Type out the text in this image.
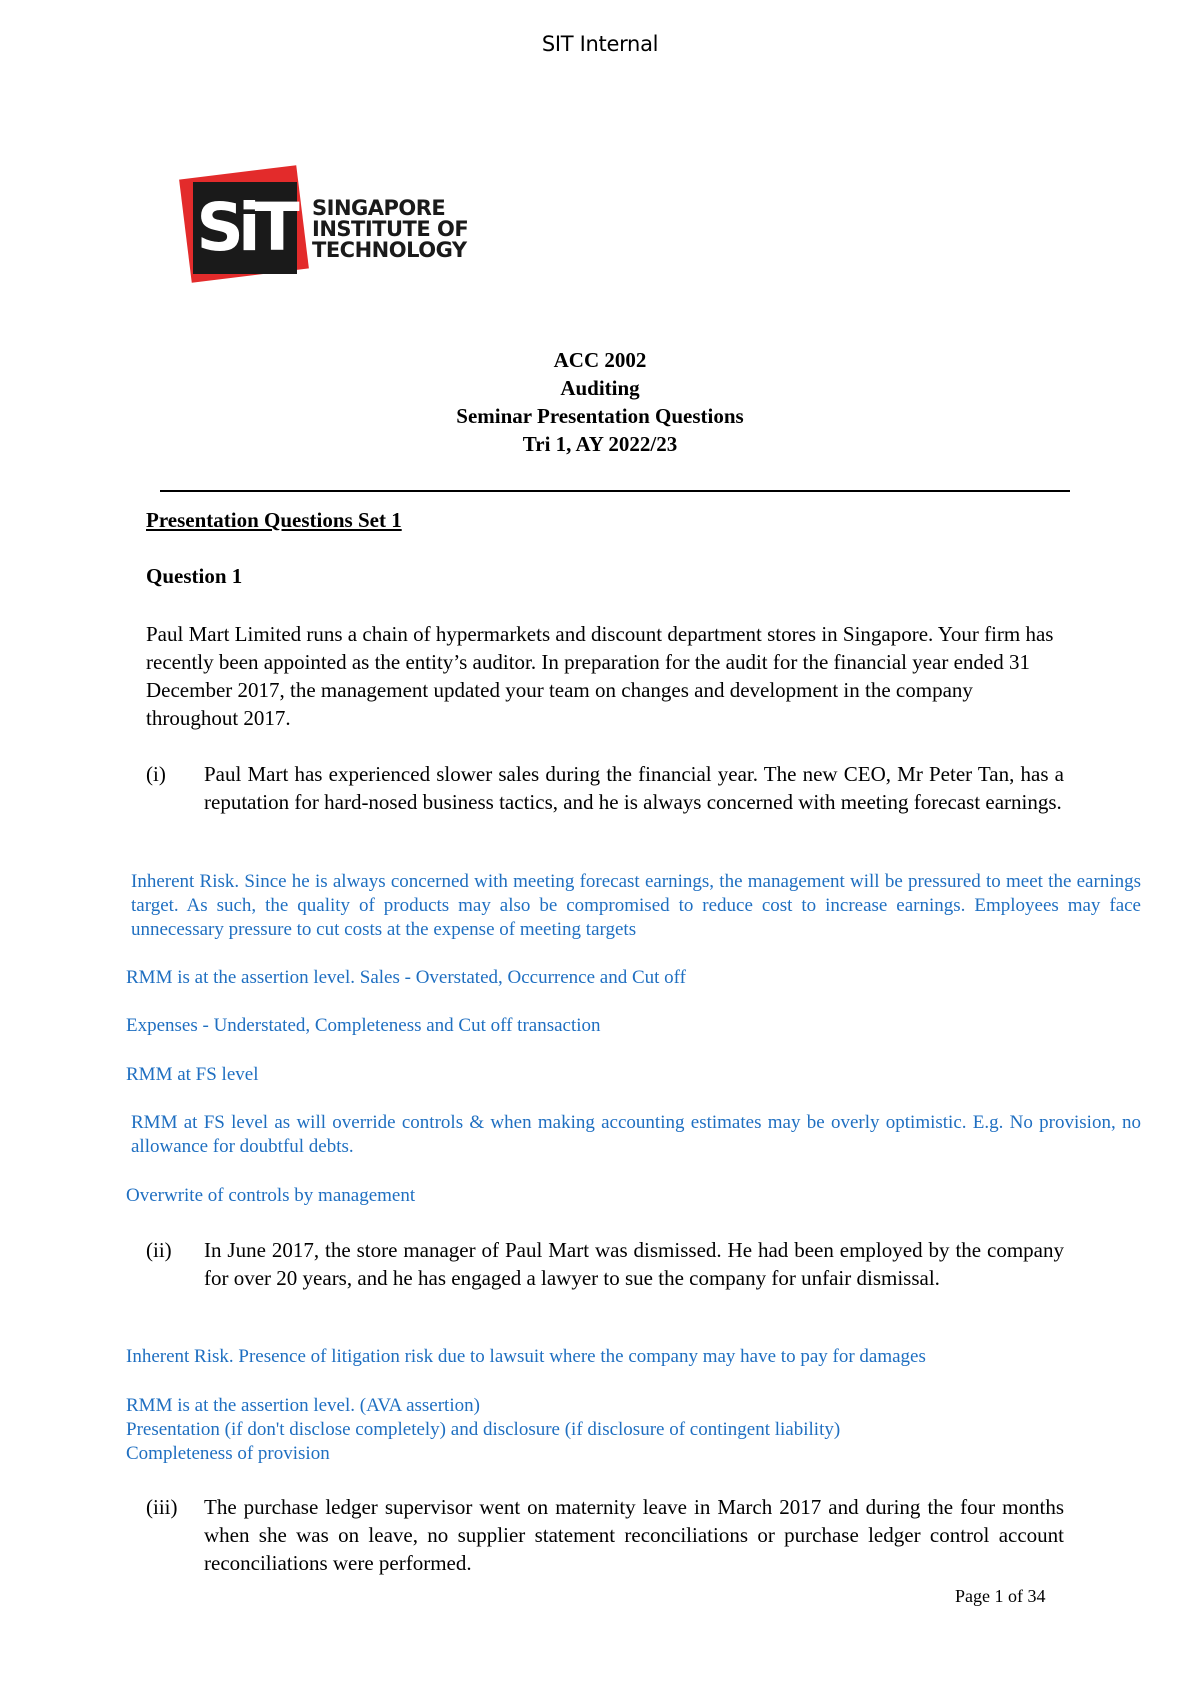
SIT Internal
SiT SINGAPORE
INSTITUTE OF
TECHNOLOGY
ACC 2002
Auditing
Seminar Presentation Questions
Tri 1, AY 2022/23
Presentation Questions Set 1
Question 1
Paul Mart Limited runs a chain of hypermarkets and discount department stores in Singapore. Your firm has recently been appointed as the entity’s auditor. In preparation for the audit for the financial year ended 31 December 2017, the management updated your team on changes and development in the company throughout 2017.
(i) Paul Mart has experienced slower sales during the financial year. The new CEO, Mr Peter Tan, has a reputation for hard-nosed business tactics, and he is always concerned with meeting forecast earnings.
Inherent Risk. Since he is always concerned with meeting forecast earnings, the management will be pressured to meet the earnings target. As such, the quality of products may also be compromised to reduce cost to increase earnings. Employees may face unnecessary pressure to cut costs at the expense of meeting targets
RMM is at the assertion level. Sales - Overstated, Occurrence and Cut off
Expenses - Understated, Completeness and Cut off transaction
RMM at FS level
RMM at FS level as will override controls & when making accounting estimates may be overly optimistic. E.g. No provision, no allowance for doubtful debts.
Overwrite of controls by management
(ii) In June 2017, the store manager of Paul Mart was dismissed. He had been employed by the company for over 20 years, and he has engaged a lawyer to sue the company for unfair dismissal.
Inherent Risk. Presence of litigation risk due to lawsuit where the company may have to pay for damages
RMM is at the assertion level. (AVA assertion)
Presentation (if don't disclose completely) and disclosure (if disclosure of contingent liability)
Completeness of provision
(iii) The purchase ledger supervisor went on maternity leave in March 2017 and during the four months when she was on leave, no supplier statement reconciliations or purchase ledger control account reconciliations were performed.
Page 1 of 34
